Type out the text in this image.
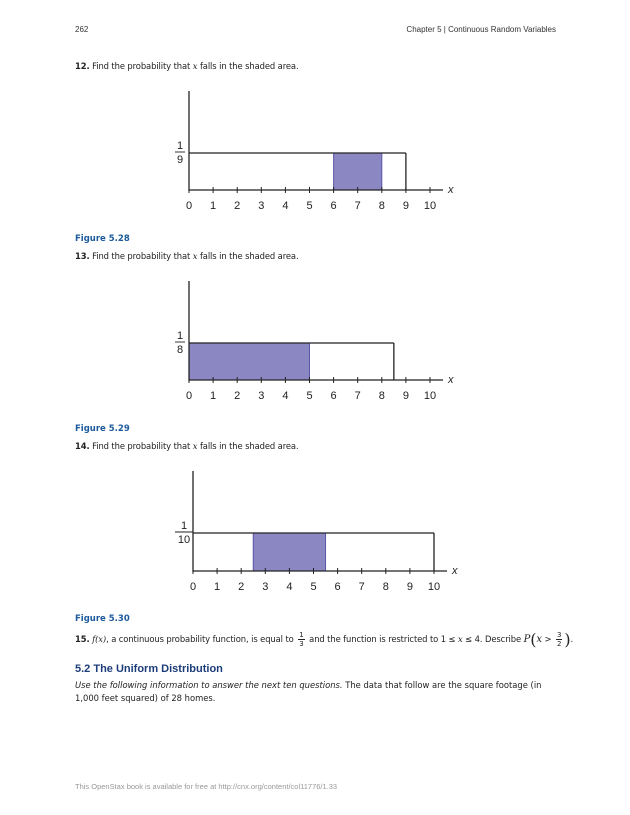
262	Chapter 5 | Continuous Random Variables
12. Find the probability that x falls in the shaded area.
x
0 1 2 3 4 5 6 7 8 9 10
1
9
Figure 5.28
13. Find the probability that x falls in the shaded area.
x
0 1 2 3 4 5 6 7 8 9 10
1
8
Figure 5.29
14. Find the probability that x falls in the shaded area.
x
0 1 2 3 4 5 6 7 8 9 10
1
10
Figure 5.30
15. f(x), a continuous probability function, is equal to $\frac{1}{3}$ and the function is restricted to 1 ≤ x ≤ 4. Describe $P(x > \frac{3}{2}$ ).
5.2 The Uniform Distribution
Use the following information to answer the next ten questions. The data that follow are the square footage (in 1,000 feet squared) of 28 homes.
This OpenStax book is available for free at http://cnx.org/content/col11776/1.33
